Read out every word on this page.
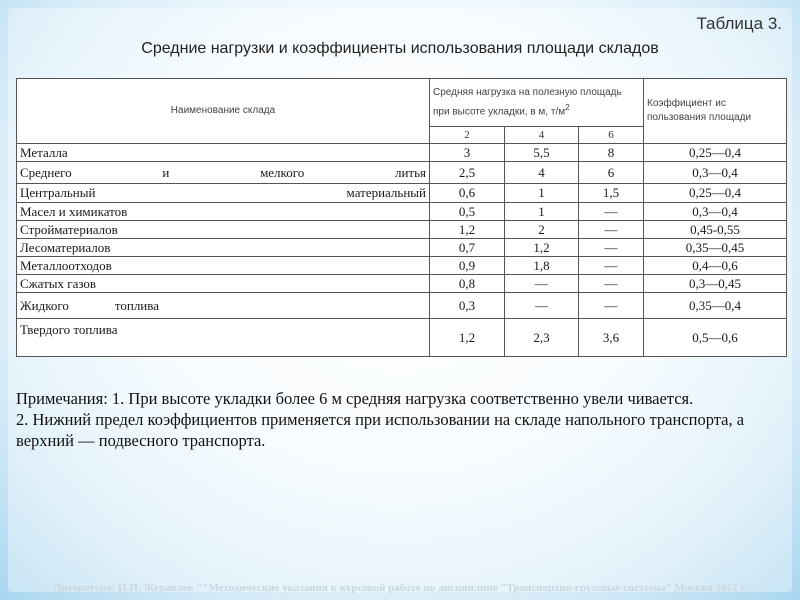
Таблица 3.
Средние нагрузки и коэффициенты использования площади складов
Наименование склада	Средняя нагрузка на полезную площадь при высоте укладки, в м, $т/м^2$			Коэффициент ис пользования площади
	2	4	6	
Металла	3	5,5	8	0,25—0,4
Среднего и мелкого литья	2,5	4	6	0,3—0,4
Центральный материальный	0,6	1	1,5	0,25—0,4
Масел и химикатов	0,5	1	—	0,3—0,4
Стройматериалов	1,2	2	—	0,45-0,55
Лесоматериалов	0,7	1,2	—	0,35—0,45
Металлоотходов	0,9	1,8	—	0,4—0,6
Сжатых газов	0,8	—	—	0,3—0,45
Жидкого топлива	0,3	—	—	0,35—0,4
Твердого топлива	1,2	2,3	3,6	0,5—0,6

Примечания: 1. При высоте укладки более 6 м средняя нагрузка соответственно увели чивается.

2. Нижний предел коэффициентов применяется при использовании на складе напольного транспорта, а верхний — подвесного транспорта.

Литература: И.П. Журавлев ""Методические указания к курсовой работе по дисциплине "Транспортно-грузовые системы" Москва 2012 г.
